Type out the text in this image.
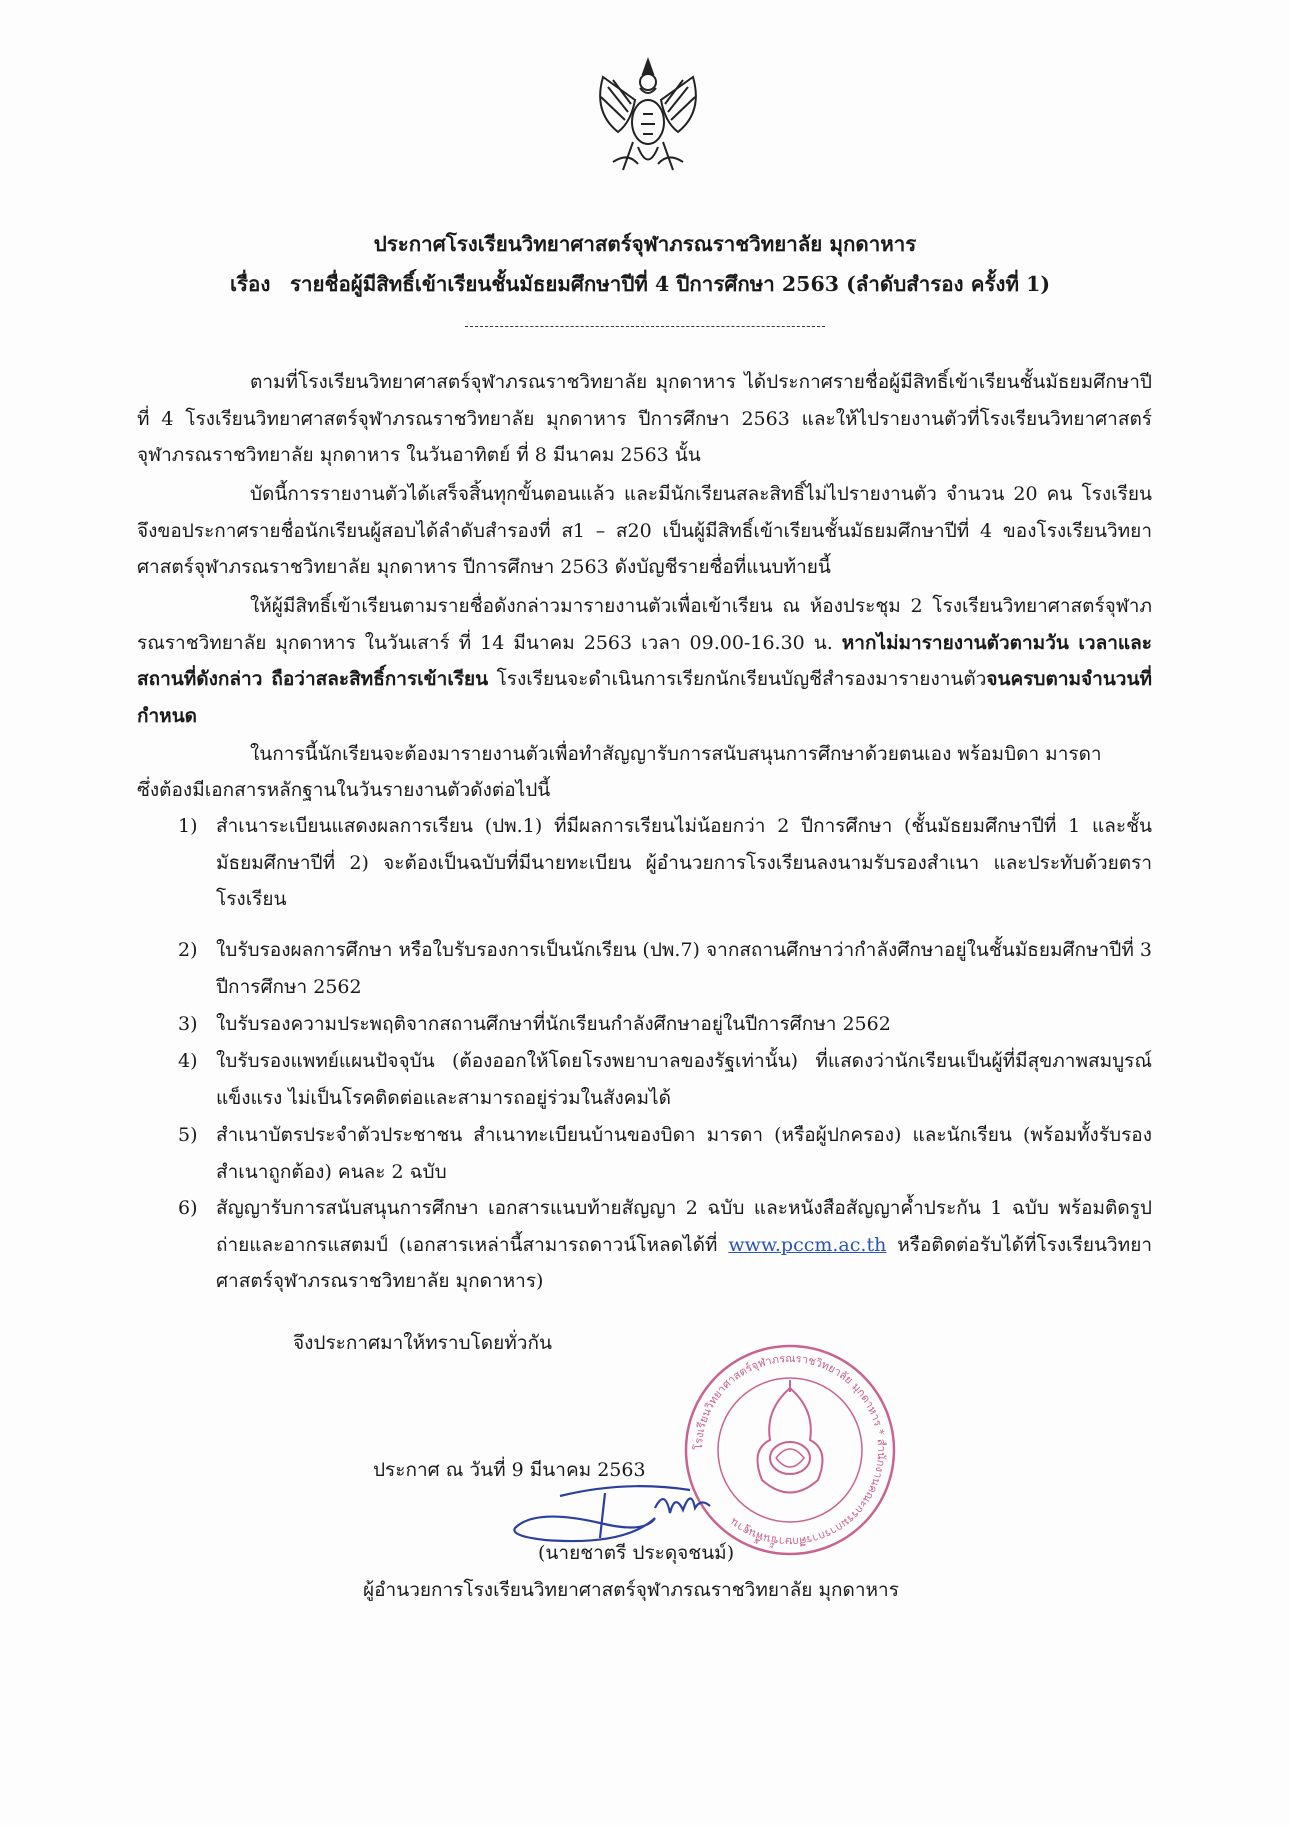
ประกาศโรงเรียนวิทยาศาสตร์จุฬาภรณราชวิทยาลัย มุกดาหาร
เรื่อง รายชื่อผู้มีสิทธิ์เข้าเรียนชั้นมัธยมศึกษาปีที่ 4 ปีการศึกษา 2563 (ลำดับสำรอง ครั้งที่ 1)
ตามที่โรงเรียนวิทยาศาสตร์จุฬาภรณราชวิทยาลัย มุกดาหาร ได้ประกาศรายชื่อผู้มีสิทธิ์เข้าเรียนชั้นมัธยมศึกษาปีที่ 4 โรงเรียนวิทยาศาสตร์จุฬาภรณราชวิทยาลัย มุกดาหาร ปีการศึกษา 2563 และให้ไปรายงานตัวที่โรงเรียนวิทยาศาสตร์จุฬาภรณราชวิทยาลัย มุกดาหาร ในวันอาทิตย์ ที่ 8 มีนาคม 2563 นั้น
บัดนี้การรายงานตัวได้เสร็จสิ้นทุกขั้นตอนแล้ว และมีนักเรียนสละสิทธิ์ไม่ไปรายงานตัว จำนวน 20 คน โรงเรียนจึงขอประกาศรายชื่อนักเรียนผู้สอบได้ลำดับสำรองที่ ส1 – ส20 เป็นผู้มีสิทธิ์เข้าเรียนชั้นมัธยมศึกษาปีที่ 4 ของโรงเรียนวิทยาศาสตร์จุฬาภรณราชวิทยาลัย มุกดาหาร ปีการศึกษา 2563 ดังบัญชีรายชื่อที่แนบท้ายนี้
ให้ผู้มีสิทธิ์เข้าเรียนตามรายชื่อดังกล่าวมารายงานตัวเพื่อเข้าเรียน ณ ห้องประชุม 2 โรงเรียนวิทยาศาสตร์จุฬาภรณราชวิทยาลัย มุกดาหาร ในวันเสาร์ ที่ 14 มีนาคม 2563 เวลา 09.00-16.30 น. หากไม่มารายงานตัวตามวัน เวลาและสถานที่ดังกล่าว ถือว่าสละสิทธิ์การเข้าเรียน โรงเรียนจะดำเนินการเรียกนักเรียนบัญชีสำรองมารายงานตัวจนครบตามจำนวนที่กำหนด
ในการนี้นักเรียนจะต้องมารายงานตัวเพื่อทำสัญญารับการสนับสนุนการศึกษาด้วยตนเอง พร้อมบิดา มารดา
ซึ่งต้องมีเอกสารหลักฐานในวันรายงานตัวดังต่อไปนี้
1) สำเนาระเบียนแสดงผลการเรียน (ปพ.1) ที่มีผลการเรียนไม่น้อยกว่า 2 ปีการศึกษา (ชั้นมัธยมศึกษาปีที่ 1 และชั้นมัธยมศึกษาปีที่ 2) จะต้องเป็นฉบับที่มีนายทะเบียน ผู้อำนวยการโรงเรียนลงนามรับรองสำเนา และประทับด้วยตราโรงเรียน
2) ใบรับรองผลการศึกษา หรือใบรับรองการเป็นนักเรียน (ปพ.7) จากสถานศึกษาว่ากำลังศึกษาอยู่ในชั้นมัธยมศึกษาปีที่ 3 ปีการศึกษา 2562
3) ใบรับรองความประพฤติจากสถานศึกษาที่นักเรียนกำลังศึกษาอยู่ในปีการศึกษา 2562
4) ใบรับรองแพทย์แผนปัจจุบัน (ต้องออกให้โดยโรงพยาบาลของรัฐเท่านั้น) ที่แสดงว่านักเรียนเป็นผู้ที่มีสุขภาพสมบูรณ์แข็งแรง ไม่เป็นโรคติดต่อและสามารถอยู่ร่วมในสังคมได้
5) สำเนาบัตรประจำตัวประชาชน สำเนาทะเบียนบ้านของบิดา มารดา (หรือผู้ปกครอง) และนักเรียน (พร้อมทั้งรับรองสำเนาถูกต้อง) คนละ 2 ฉบับ
6) สัญญารับการสนับสนุนการศึกษา เอกสารแนบท้ายสัญญา 2 ฉบับ และหนังสือสัญญาค้ำประกัน 1 ฉบับ พร้อมติดรูปถ่ายและอากรแสตมป์ (เอกสารเหล่านี้สามารถดาวน์โหลดได้ที่ www.pccm.ac.th หรือติดต่อรับได้ที่โรงเรียนวิทยาศาสตร์จุฬาภรณราชวิทยาลัย มุกดาหาร)
จึงประกาศมาให้ทราบโดยทั่วกัน
โรงเรียนวิทยาศาสตร์จุฬาภรณราชวิทยาลัย มุกดาหาร * สำนักงานคณะกรรมการการศึกษาขั้นพื้นฐาน
ประกาศ ณ วันที่ 9 มีนาคม 2563
(นายชาตรี ประดุจชนม์)
ผู้อำนวยการโรงเรียนวิทยาศาสตร์จุฬาภรณราชวิทยาลัย มุกดาหาร
